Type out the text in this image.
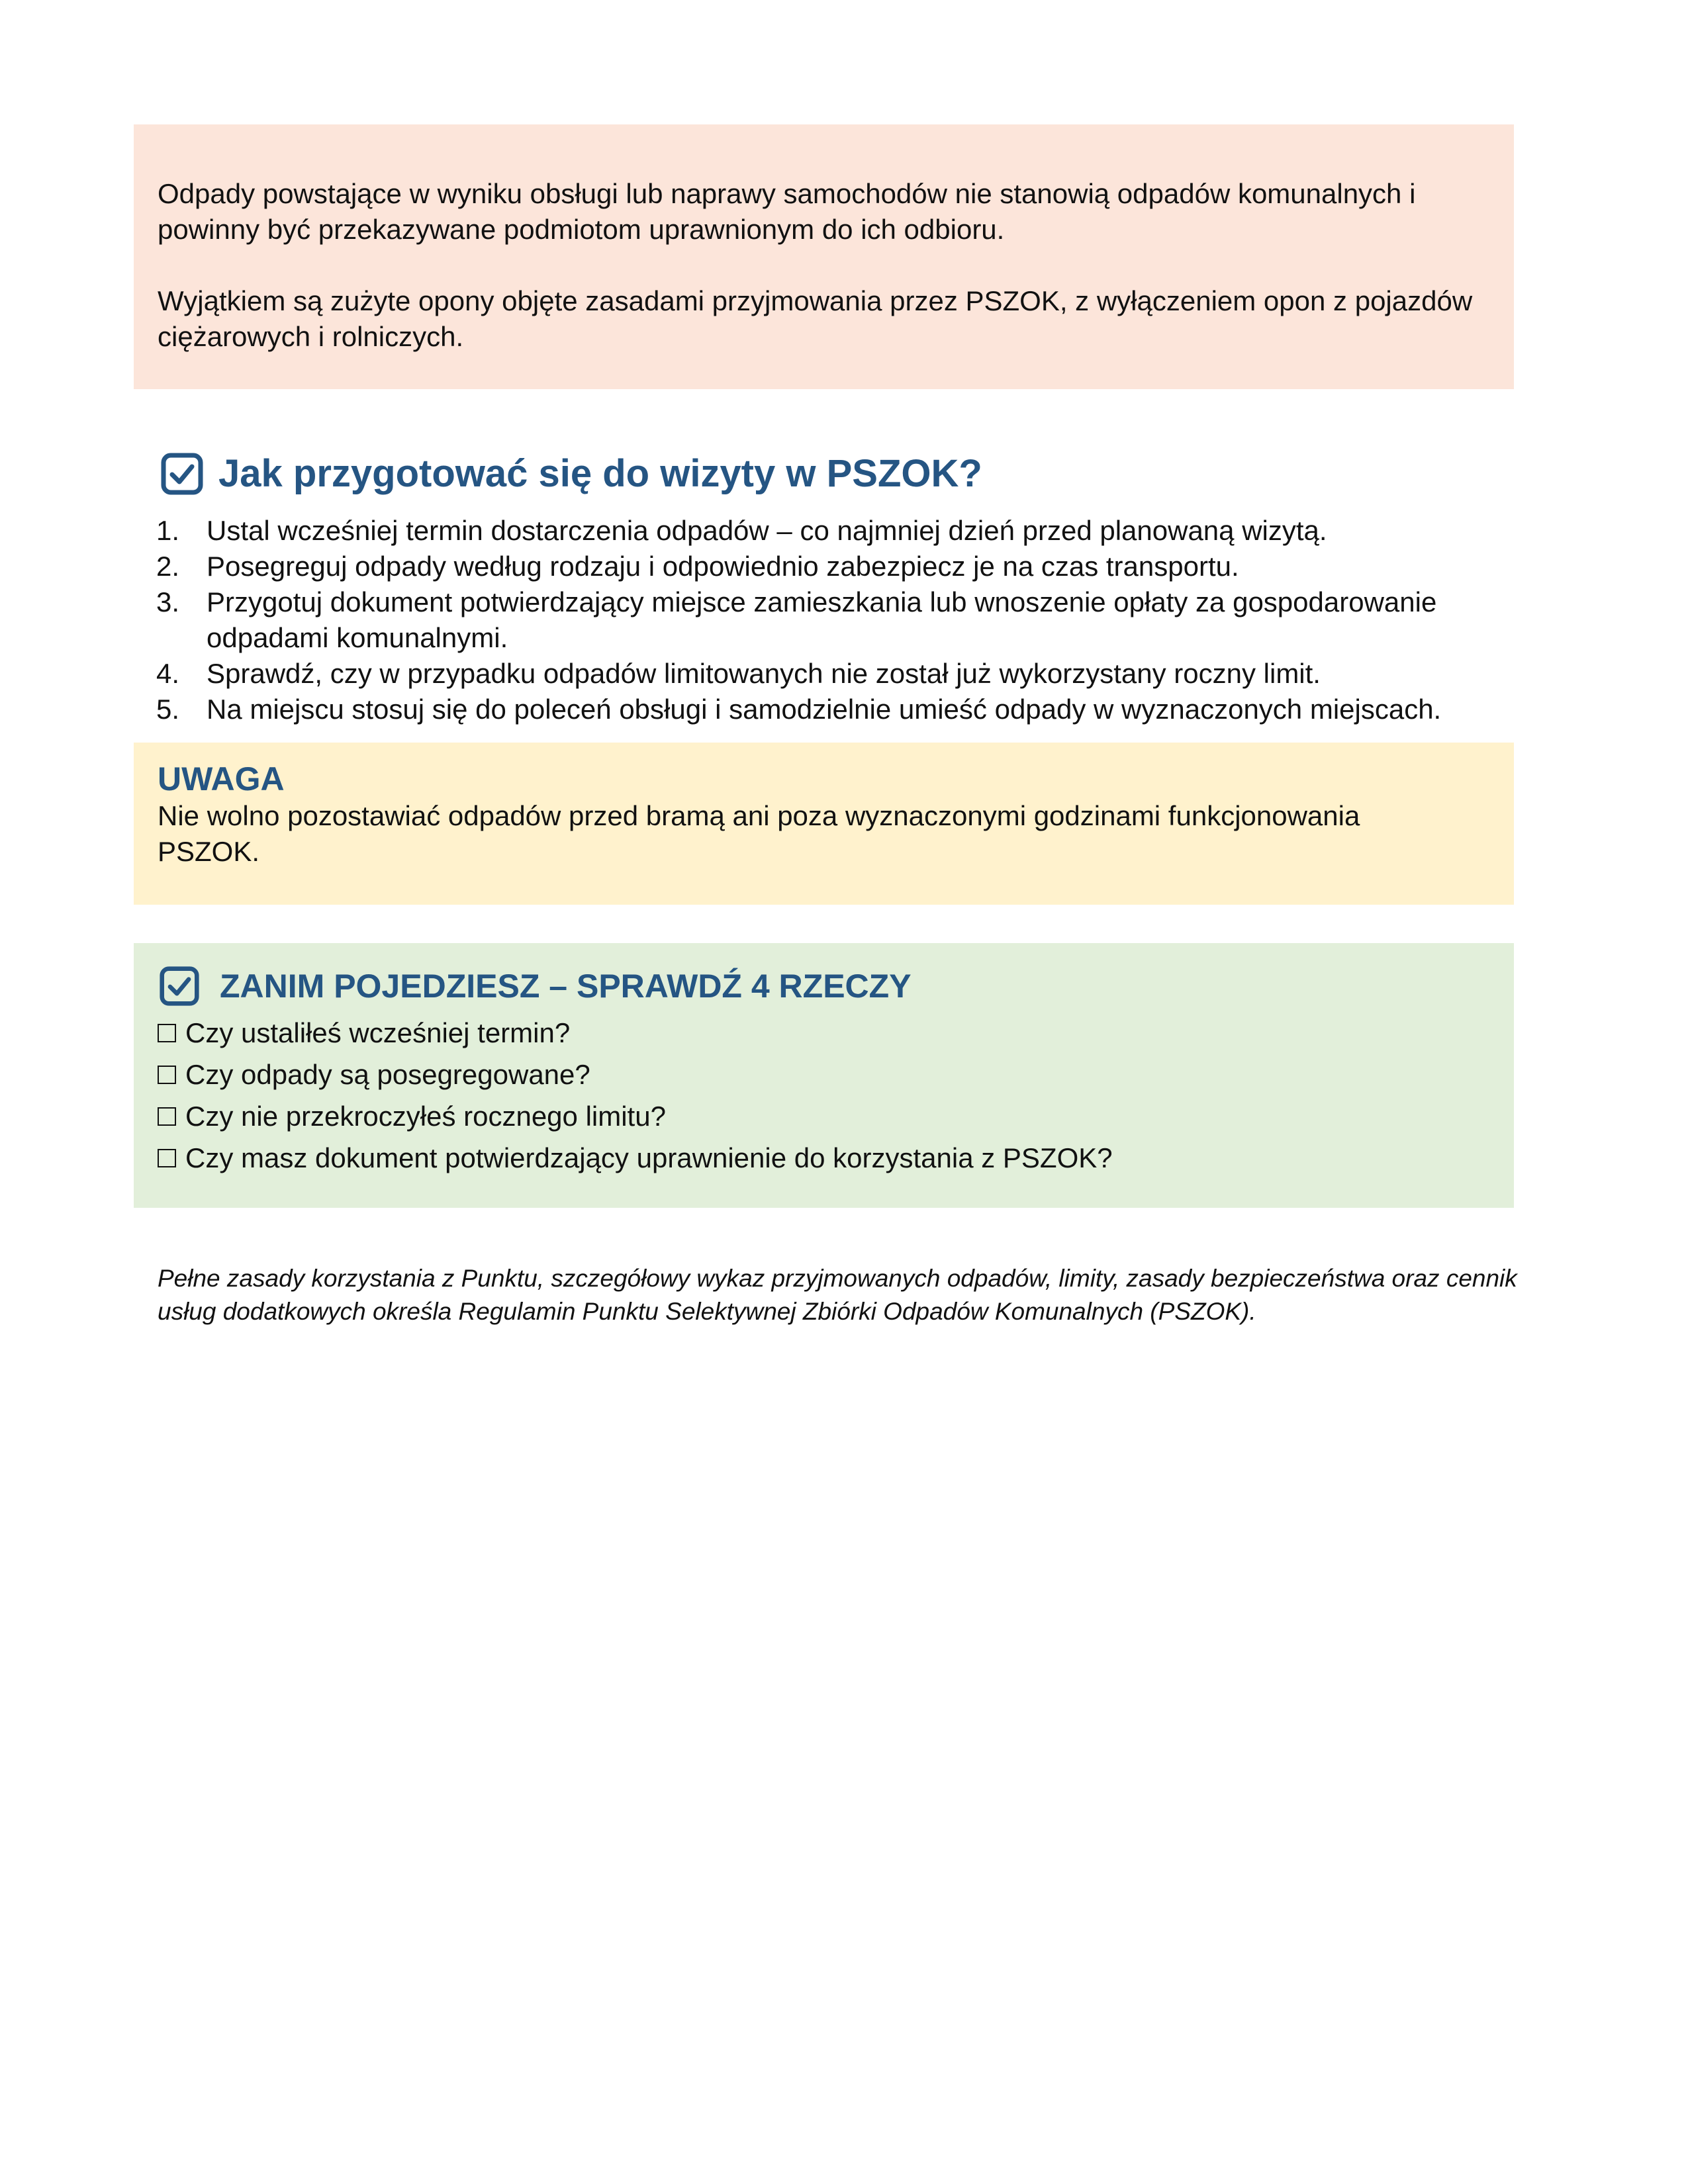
Odpady powstające w wyniku obsługi lub naprawy samochodów nie stanowią odpadów komunalnych i powinny być przekazywane podmiotom uprawnionym do ich odbioru.

Wyjątkiem są zużyte opony objęte zasadami przyjmowania przez PSZOK, z wyłączeniem opon z pojazdów ciężarowych i rolniczych.

Jak przygotować się do wizyty w PSZOK?
1. Ustal wcześniej termin dostarczenia odpadów – co najmniej dzień przed planowaną wizytą.
2. Posegreguj odpady według rodzaju i odpowiednio zabezpiecz je na czas transportu.
3. Przygotuj dokument potwierdzający miejsce zamieszkania lub wnoszenie opłaty za gospodarowanie odpadami komunalnymi.
4. Sprawdź, czy w przypadku odpadów limitowanych nie został już wykorzystany roczny limit.
5. Na miejscu stosuj się do poleceń obsługi i samodzielnie umieść odpady w wyznaczonych miejscach.
UWAGA
Nie wolno pozostawiać odpadów przed bramą ani poza wyznaczonymi godzinami funkcjonowania PSZOK.
ZANIM POJEDZIESZ – SPRAWDŹ 4 RZECZY
Czy ustaliłeś wcześniej termin?
Czy odpady są posegregowane?
Czy nie przekroczyłeś rocznego limitu?
Czy masz dokument potwierdzający uprawnienie do korzystania z PSZOK?

Pełne zasady korzystania z Punktu, szczegółowy wykaz przyjmowanych odpadów, limity, zasady bezpieczeństwa oraz cennik usług dodatkowych określa Regulamin Punktu Selektywnej Zbiórki Odpadów Komunalnych (PSZOK).
